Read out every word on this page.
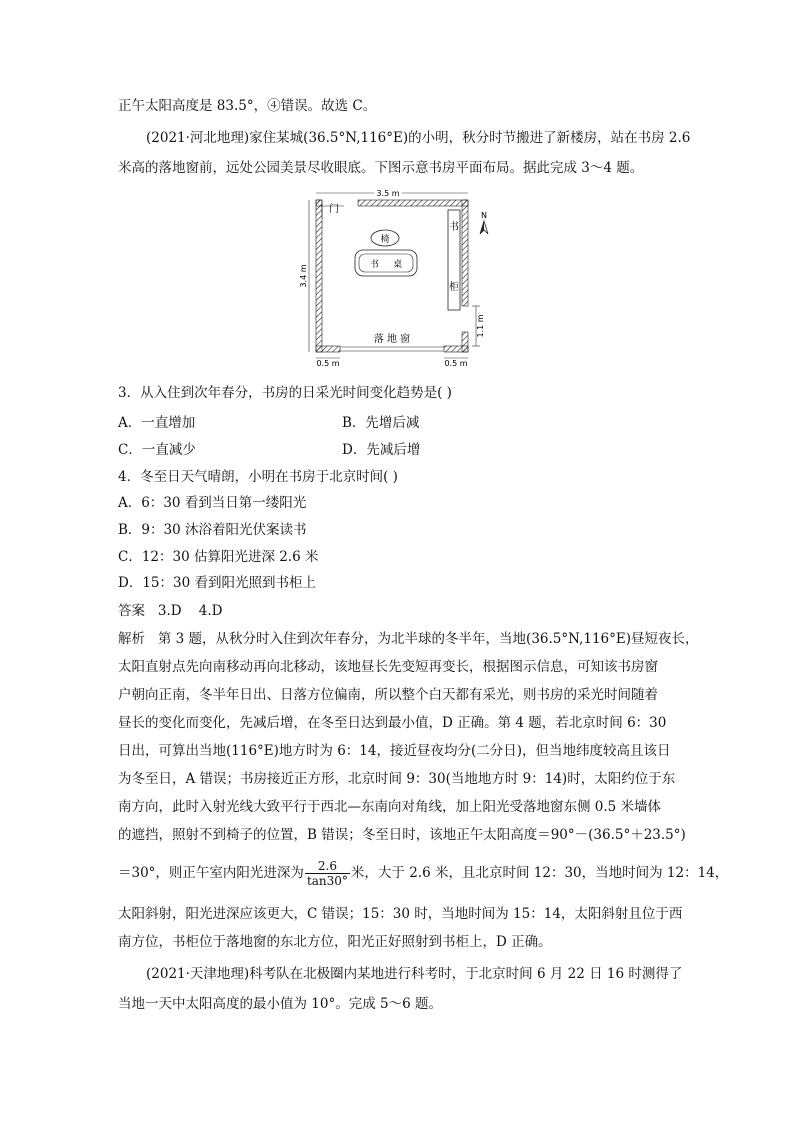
正午太阳高度是 83.5°，④错误。故选 C。
(2021·河北地理)家住某城(36.5°N,116°E)的小明，秋分时节搬进了新楼房，站在书房 2.6
米高的落地窗前，远处公园美景尽收眼底。下图示意书房平面布局。据此完成 3～4 题。
3.5 m
门
落 地 窗
书
柜
椅
书     桌
3.4 m
1.1 m
0.5 m	0.5 m
N
3．从入住到次年春分，书房的日采光时间变化趋势是( )
A．一直增加	B．先增后减
C．一直减少	D．先减后增
4．冬至日天气晴朗，小明在书房于北京时间( )
A．6：30 看到当日第一缕阳光
B．9：30 沐浴着阳光伏案读书
C．12：30 估算阳光进深 2.6 米
D．15：30 看到阳光照到书柜上
答案 3.D    4.D
解析 第 3 题，从秋分时入住到次年春分，为北半球的冬半年，当地(36.5°N,116°E)昼短夜长，
太阳直射点先向南移动再向北移动，该地昼长先变短再变长，根据图示信息，可知该书房窗
户朝向正南，冬半年日出、日落方位偏南，所以整个白天都有采光，则书房的采光时间随着
昼长的变化而变化，先减后增，在冬至日达到最小值，D 正确。第 4 题，若北京时间 6：30
日出，可算出当地(116°E)地方时为 6：14，接近昼夜均分(二分日)，但当地纬度较高且该日
为冬至日，A 错误；书房接近正方形，北京时间 9：30(当地地方时 9：14)时，太阳约位于东
南方向，此时入射光线大致平行于西北—东南向对角线，加上阳光受落地窗东侧 0.5 米墙体
的遮挡，照射不到椅子的位置，B 错误；冬至日时，该地正午太阳高度＝90°－(36.5°＋23.5°)
＝30°，则正午室内阳光进深为 $\frac{2.6}{\tan 30^\circ}$ 米，大于 2.6 米，且北京时间 12：30，当地时间为 12：14，
太阳斜射，阳光进深应该更大，C 错误；15：30 时，当地时间为 15：14，太阳斜射且位于西
南方位，书柜位于落地窗的东北方位，阳光正好照射到书柜上，D 正确。
(2021·天津地理)科考队在北极圈内某地进行科考时，于北京时间 6 月 22 日 16 时测得了
当地一天中太阳高度的最小值为 10°。完成 5～6 题。
